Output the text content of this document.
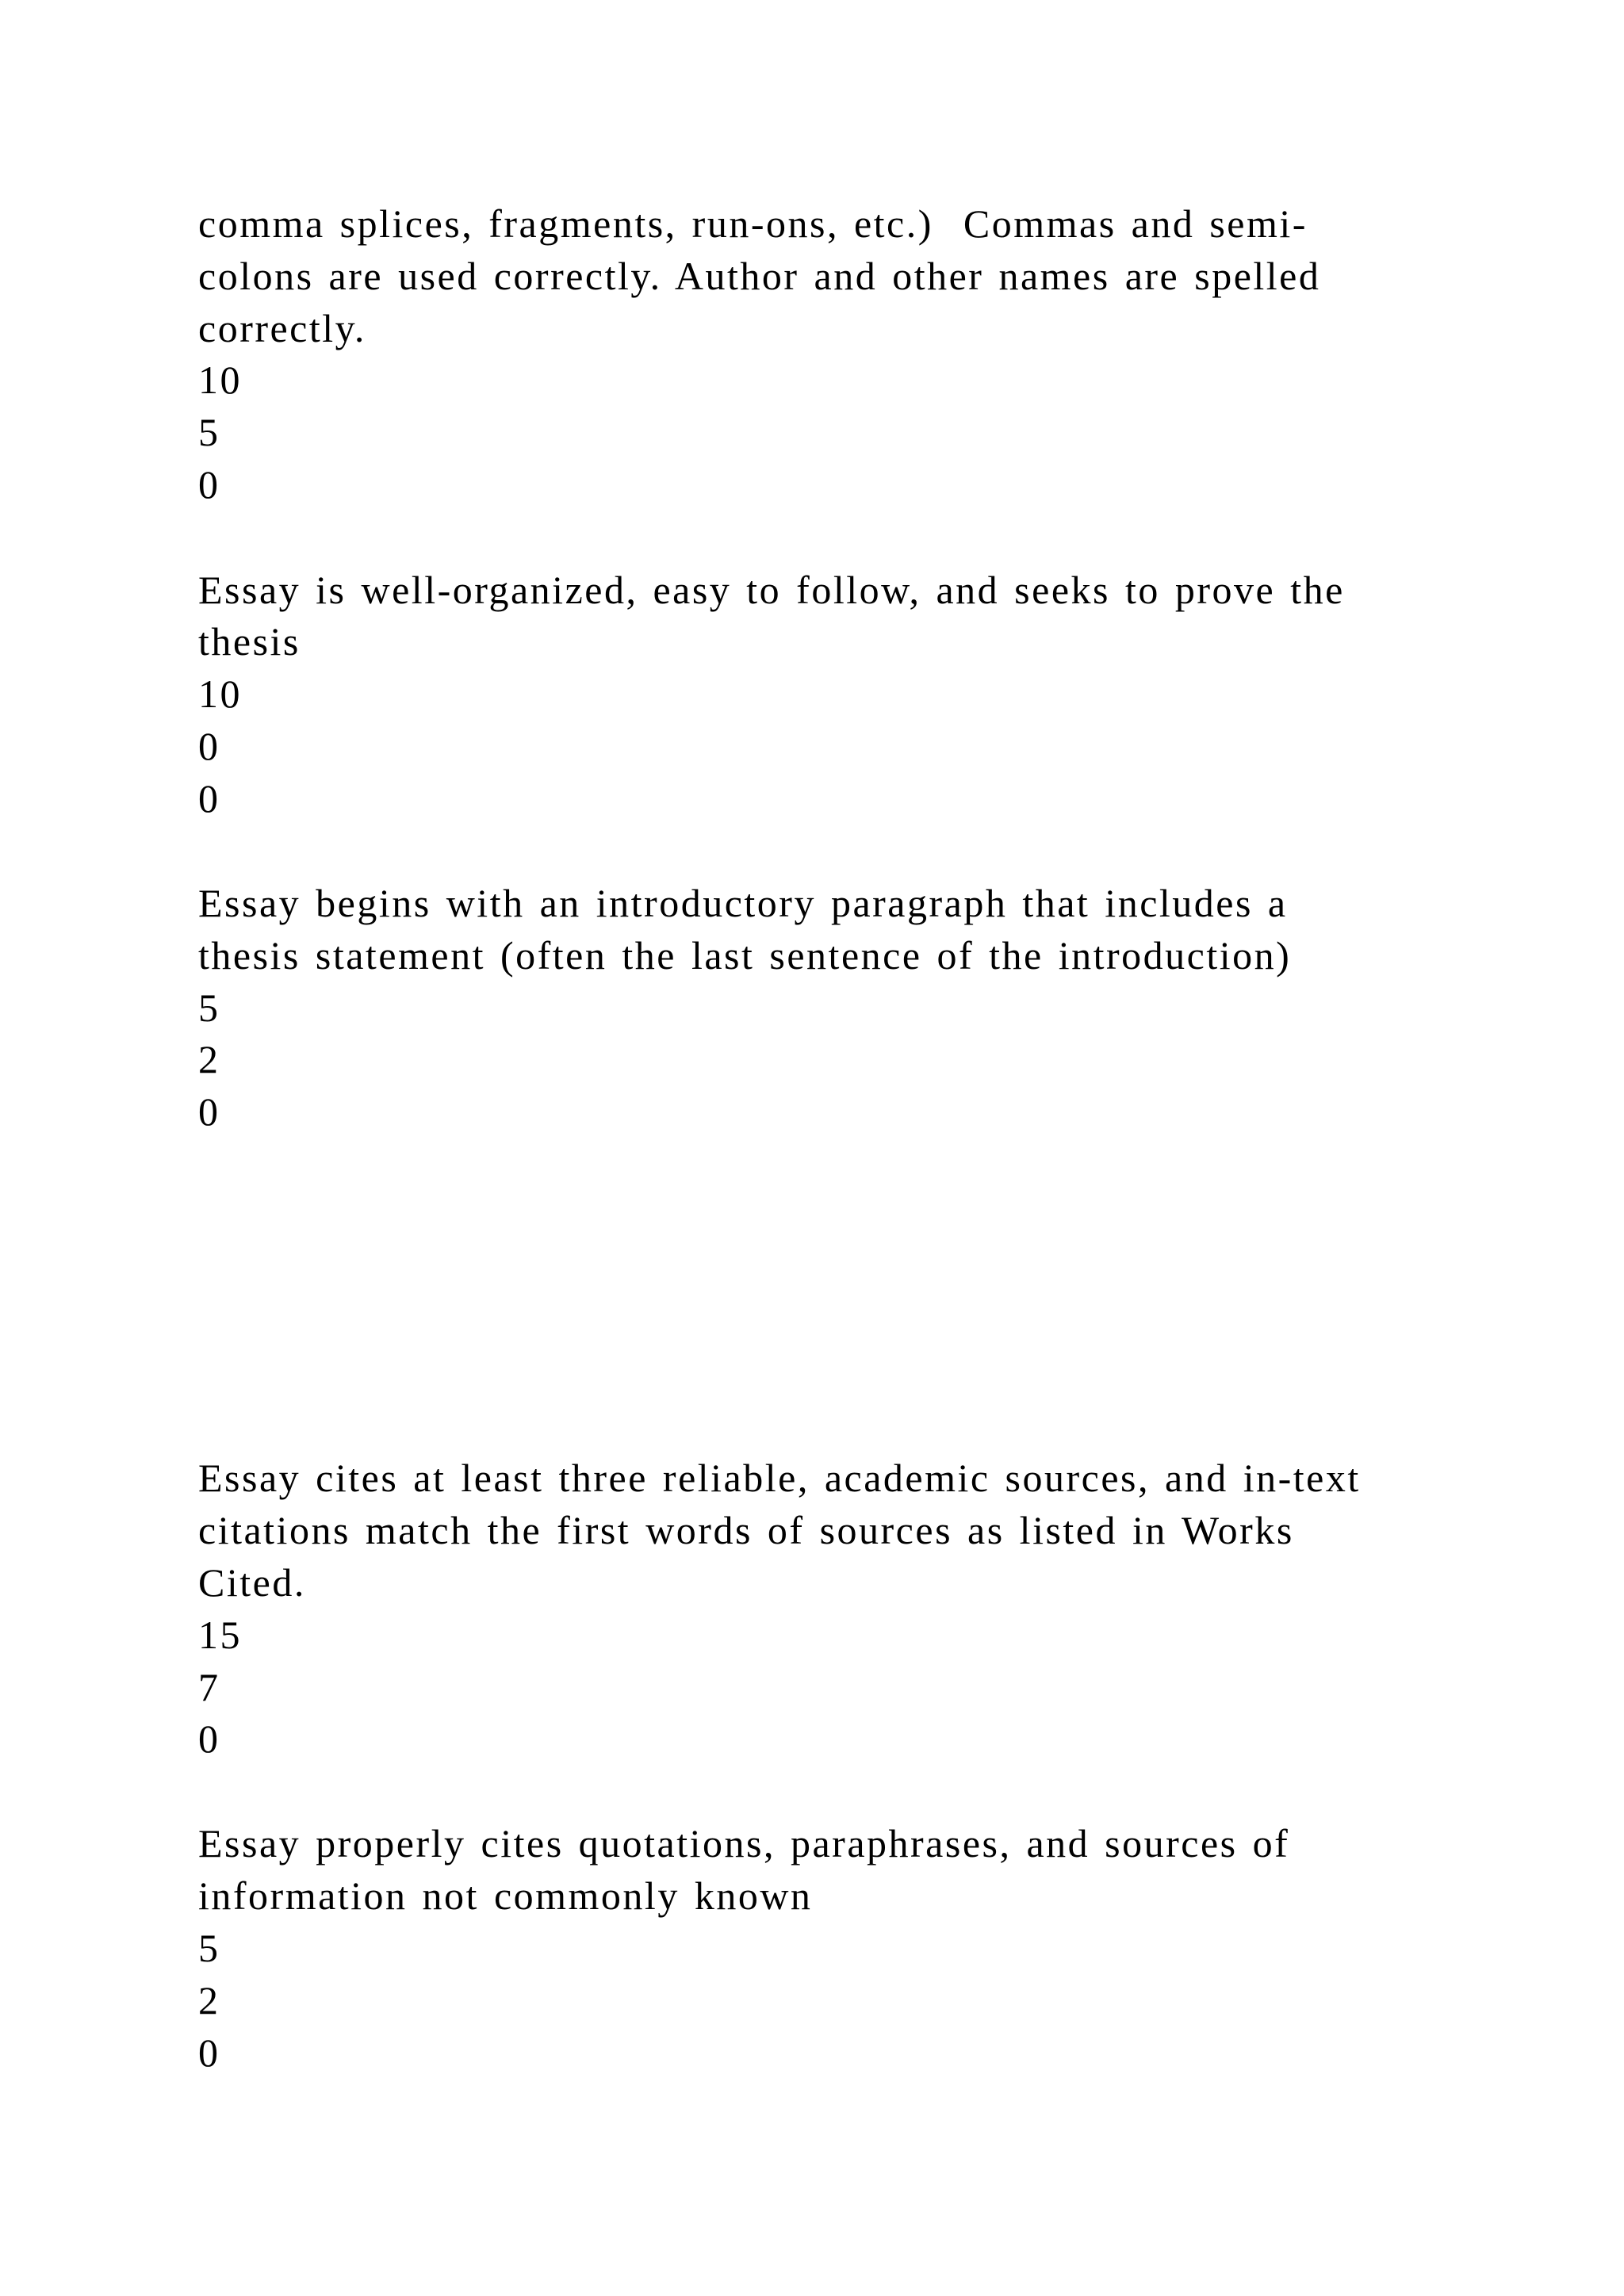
comma splices, fragments, run-ons, etc.)  Commas and semi-
colons are used correctly. Author and other names are spelled
correctly.
10
5
0
Essay is well-organized, easy to follow, and seeks to prove the
thesis
10
0
0
Essay begins with an introductory paragraph that includes a
thesis statement (often the last sentence of the introduction)
5
2
0
Essay cites at least three reliable, academic sources, and in-text
citations match the first words of sources as listed in Works
Cited.
15
7
0
Essay properly cites quotations, paraphrases, and sources of
information not commonly known
5
2
0
